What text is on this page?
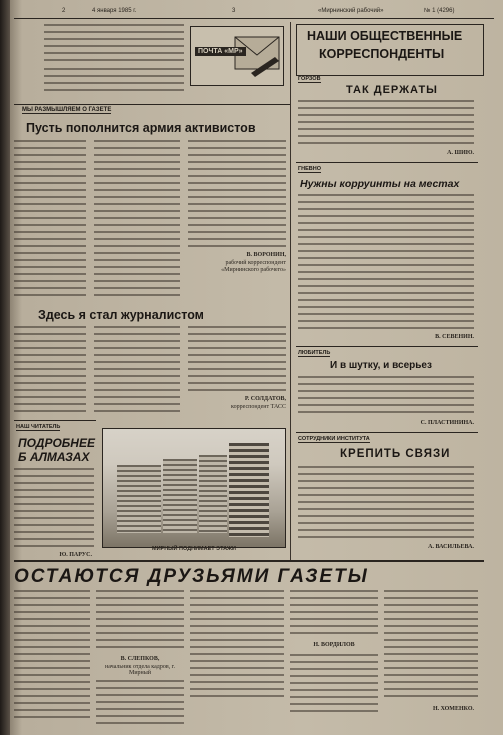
2	4 января 1985 г.	3	«Мирнинский рабочий»	№ 1 (4296)
ПОЧТА «МР»
МЫ РАЗМЫШЛЯЕМ О ГАЗЕТЕ
Пусть пополнится армия активистов
В. ВОРОНИН,
рабочий корреспондент «Мирнинского рабочего»
Здесь я стал журналистом
Р. СОЛДАТОВ,
корреспондент ТАСС
НАШ ЧИТАТЕЛЬ
ПОДРОБНЕЕ
Б АЛМАЗАХ
Ю. ПАРУС.
МИРНЫЙ ПОДНИМАЕТ ЭТАЖИ
НАШИ ОБЩЕСТВЕННЫЕ
КОРРЕСПОНДЕНТЫ
ГОРЗОВ
ТАК ДЕРЖАТЫ
А. ШИЮ.
ГНЕВНО
Нужны корруинты на местах
В. СЕВЕНИН.
ЛЮБИТЕЛЬ
И в шутку, и всерьез
С. ПЛАСТИНИНА.
СОТРУДНИКИ ИНСТИТУТА
КРЕПИТЬ СВЯЗИ
А. ВАСИЛЬЕВА.
ОСТАЮТСЯ ДРУЗЬЯМИ ГАЗЕТЫ
В. СЛЕПКОВ,
начальник отдела кадров, г. Мирный
Н. ВОРДИЛОВ
Н. ХОМЕНКО.
